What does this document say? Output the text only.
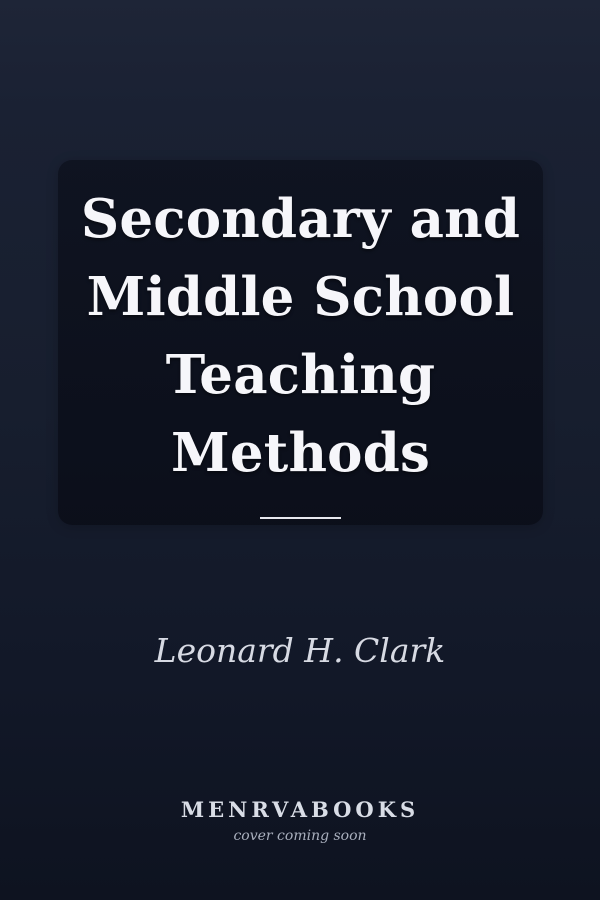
Secondary and
Middle School
Teaching
Methods

Leonard H. Clark

MENRVABOOKS

cover coming soon
